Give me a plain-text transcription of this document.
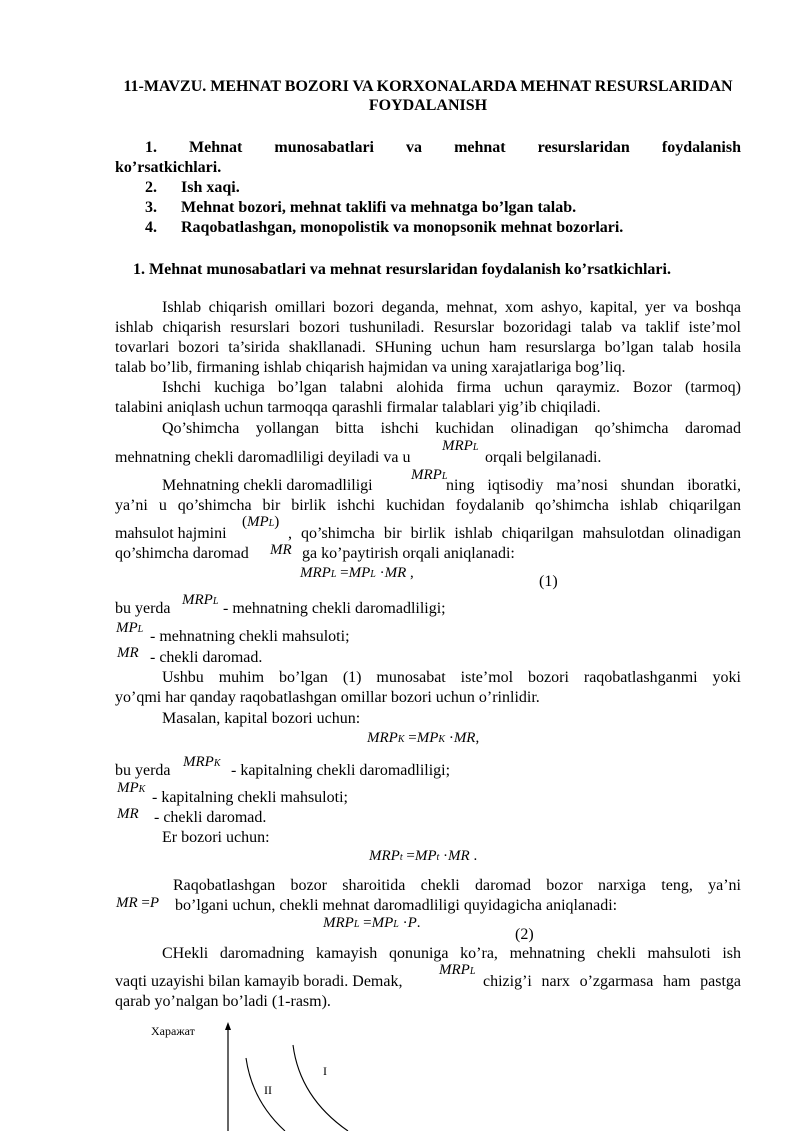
11-MAVZU. MEHNAT BOZORI VA KORXONALARDA MEHNAT RESURSLARIDAN FOYDALANISH
1. Mehnat munosabatlari va mehnat resurslaridan foydalanish
ko’rsatkichlari.
2. Ish xaqi.
3. Mehnat bozori, mehnat taklifi va mehnatga bo’lgan talab.
4. Raqobatlashgan, monopolistik va monopsonik mehnat bozorlari.
1. Mehnat munosabatlari va mehnat resurslaridan foydalanish ko’rsatkichlari.
Ishlab chiqarish omillari bozori deganda, mehnat, xom ashyo, kapital, yer va boshqa
ishlab chiqarish resurslari bozori tushuniladi. Resurslar bozoridagi talab va taklif iste’mol
tovarlari bozori ta’sirida shakllanadi. SHuning uchun ham resurslarga bo’lgan talab hosila
talab bo’lib, firmaning ishlab chiqarish hajmidan va uning xarajatlariga bog’liq.
Ishchi kuchiga bo’lgan talabni alohida firma uchun qaraymiz. Bozor (tarmoq)
talabini aniqlash uchun tarmoqqa qarashli firmalar talablari yig’ib chiqiladi.
Qo’shimcha yollangan bitta ishchi kuchidan olinadigan qo’shimcha daromad
mehnatning chekli daromadliligi deyiladi va u
MRPL
orqali belgilanadi.
Mehnatning chekli daromadliligi
MRPL
ning iqtisodiy ma’nosi shundan iboratki,
ya’ni u qo’shimcha bir birlik ishchi kuchidan foydalanib qo’shimcha ishlab chiqarilgan
mahsulot hajmini
(MPL)
, qo’shimcha bir birlik ishlab chiqarilgan mahsulotdan olinadigan
qo’shimcha daromad MR ga ko’paytirish orqali aniqlanadi:
MRPL =MPL ·MR ,	(1)
bu yerda MRPL - mehnatning chekli daromadliligi;
MPL - mehnatning chekli mahsuloti;
MR - chekli daromad.
Ushbu muhim bo’lgan (1) munosabat iste’mol bozori raqobatlashganmi yoki
yo’qmi har qanday raqobatlashgan omillar bozori uchun o’rinlidir.
Masalan, kapital bozori uchun:
MRPK =MPK ·MR,
bu yerda MRPK - kapitalning chekli daromadliligi;
MPK - kapitalning chekli mahsuloti;
MR - chekli daromad.
Er bozori uchun:
MRPt =MPt ·MR .
Raqobatlashgan bozor sharoitida chekli daromad bozor narxiga teng, ya’ni
MR =P bo’lgani uchun, chekli mehnat daromadliligi quyidagicha aniqlanadi:
MRPL =MPL ·P.
(2)
CHekli daromadning kamayish qonuniga ko’ra, mehnatning chekli mahsuloti ish
vaqti uzayishi bilan kamayib boradi. Demak,
MRPL
chizig’i narx o’zgarmasa ham pastga
qarab yo’nalgan bo’ladi (1-rasm).
Харажат
I
II
